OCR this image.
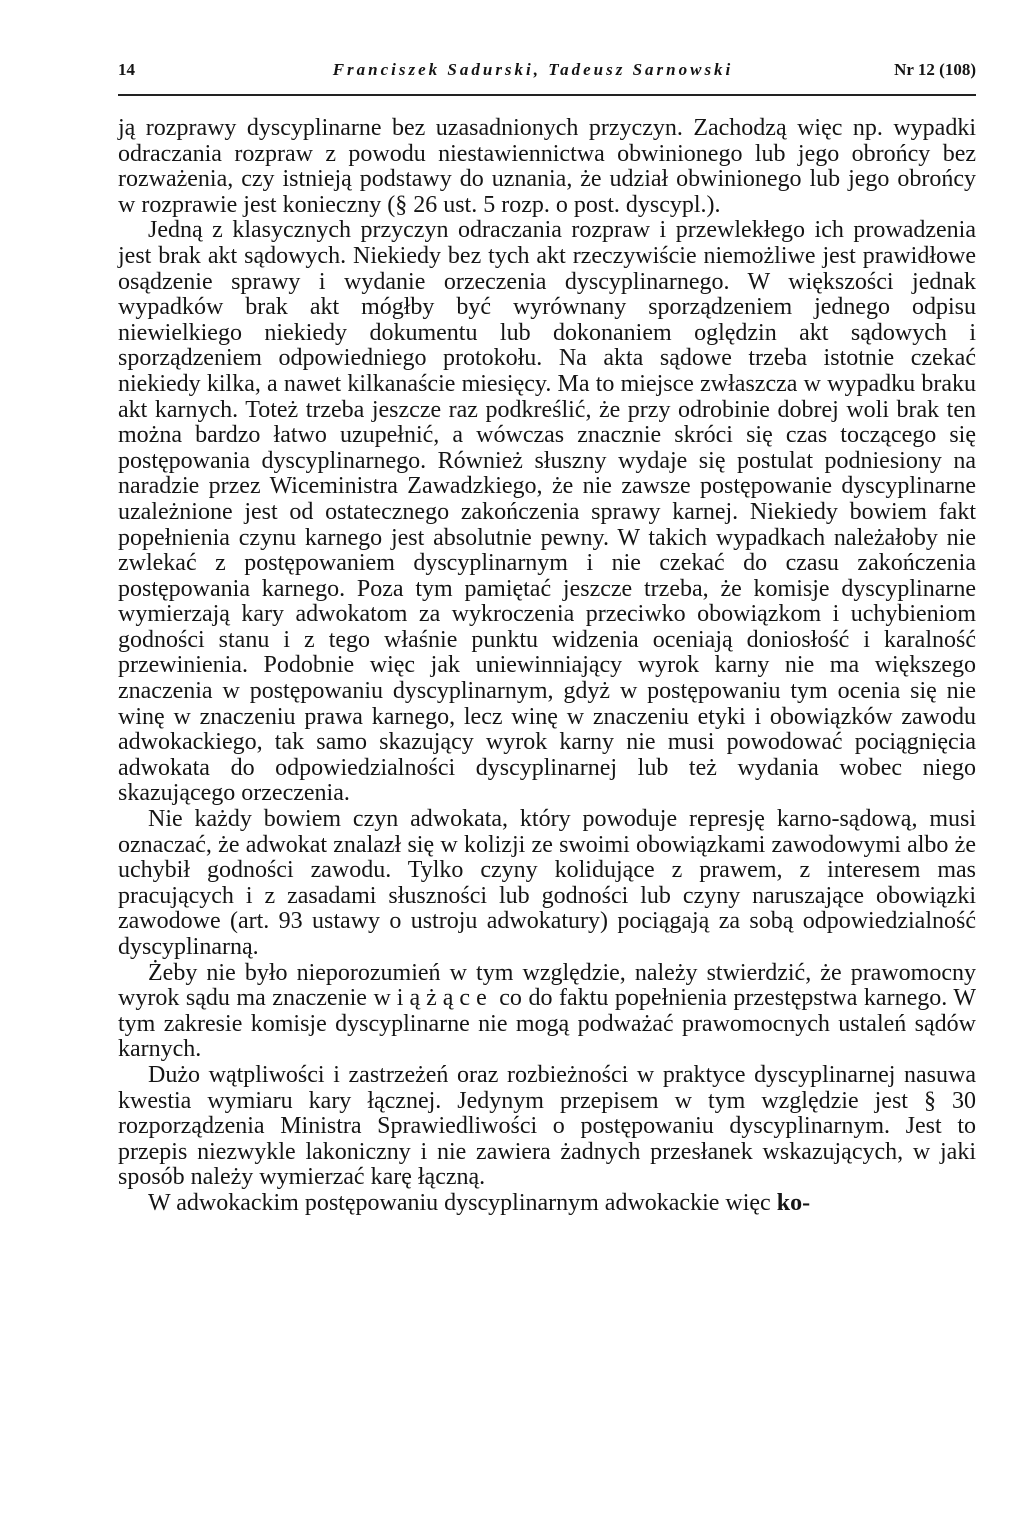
14	Franciszek Sadurski, Tadeusz Sarnowski	Nr 12 (108)

ją rozprawy dyscyplinarne bez uzasadnionych przyczyn. Zachodzą więc np. wypadki odraczania rozpraw z powodu niestawiennictwa obwinionego lub jego obrońcy bez rozważenia, czy istnieją podstawy do uznania, że udział obwinionego lub jego obrońcy w rozprawie jest konieczny (§ 26 ust. 5 rozp. o post. dyscypl.).

Jedną z klasycznych przyczyn odraczania rozpraw i przewlekłego ich prowadzenia jest brak akt sądowych. Niekiedy bez tych akt rzeczywiście niemożliwe jest prawidłowe osądzenie sprawy i wydanie orzeczenia dyscyplinarnego. W większości jednak wypadków brak akt mógłby być wyrównany sporządzeniem jednego odpisu niewielkiego niekiedy dokumentu lub dokonaniem oględzin akt sądowych i sporządzeniem odpowiedniego protokołu. Na akta sądowe trzeba istotnie czekać niekiedy kilka, a nawet kilkanaście miesięcy. Ma to miejsce zwłaszcza w wypadku braku akt karnych. Toteż trzeba jeszcze raz podkreślić, że przy odrobinie dobrej woli brak ten można bardzo łatwo uzupełnić, a wówczas znacznie skróci się czas toczącego się postępowania dyscyplinarnego. Również słuszny wydaje się postulat podniesiony na naradzie przez Wiceministra Zawadzkiego, że nie zawsze postępowanie dyscyplinarne uzależnione jest od ostatecznego zakończenia sprawy karnej. Niekiedy bowiem fakt popełnienia czynu karnego jest absolutnie pewny. W takich wypadkach należałoby nie zwlekać z postępowaniem dyscyplinarnym i nie czekać do czasu zakończenia postępowania karnego. Poza tym pamiętać jeszcze trzeba, że komisje dyscyplinarne wymierzają kary adwokatom za wykroczenia przeciwko obowiązkom i uchybieniom godności stanu i z tego właśnie punktu widzenia oceniają doniosłość i karalność przewinienia. Podobnie więc jak uniewinniający wyrok karny nie ma większego znaczenia w postępowaniu dyscyplinarnym, gdyż w postępowaniu tym ocenia się nie winę w znaczeniu prawa karnego, lecz winę w znaczeniu etyki i obowiązków zawodu adwokackiego, tak samo skazujący wyrok karny nie musi powodować pociągnięcia adwokata do odpowiedzialności dyscyplinarnej lub też wydania wobec niego skazującego orzeczenia.

Nie każdy bowiem czyn adwokata, który powoduje represję karno-sądową, musi oznaczać, że adwokat znalazł się w kolizji ze swoimi obowiązkami zawodowymi albo że uchybił godności zawodu. Tylko czyny kolidujące z prawem, z interesem mas pracujących i z zasadami słuszności lub godności lub czyny naruszające obowiązki zawodowe (art. 93 ustawy o ustroju adwokatury) pociągają za sobą odpowiedzialność dyscyplinarną.

Żeby nie było nieporozumień w tym względzie, należy stwierdzić, że prawomocny wyrok sądu ma znaczenie wiążące co do faktu popełnienia przestępstwa karnego. W tym zakresie komisje dyscyplinarne nie mogą podważać prawomocnych ustaleń sądów karnych.

Dużo wątpliwości i zastrzeżeń oraz rozbieżności w praktyce dyscyplinarnej nasuwa kwestia wymiaru kary łącznej. Jedynym przepisem w tym względzie jest § 30 rozporządzenia Ministra Sprawiedliwości o postępowaniu dyscyplinarnym. Jest to przepis niezwykle lakoniczny i nie zawiera żadnych przesłanek wskazujących, w jaki sposób należy wymierzać karę łączną.

W adwokackim postępowaniu dyscyplinarnym adwokackie więc ko-
